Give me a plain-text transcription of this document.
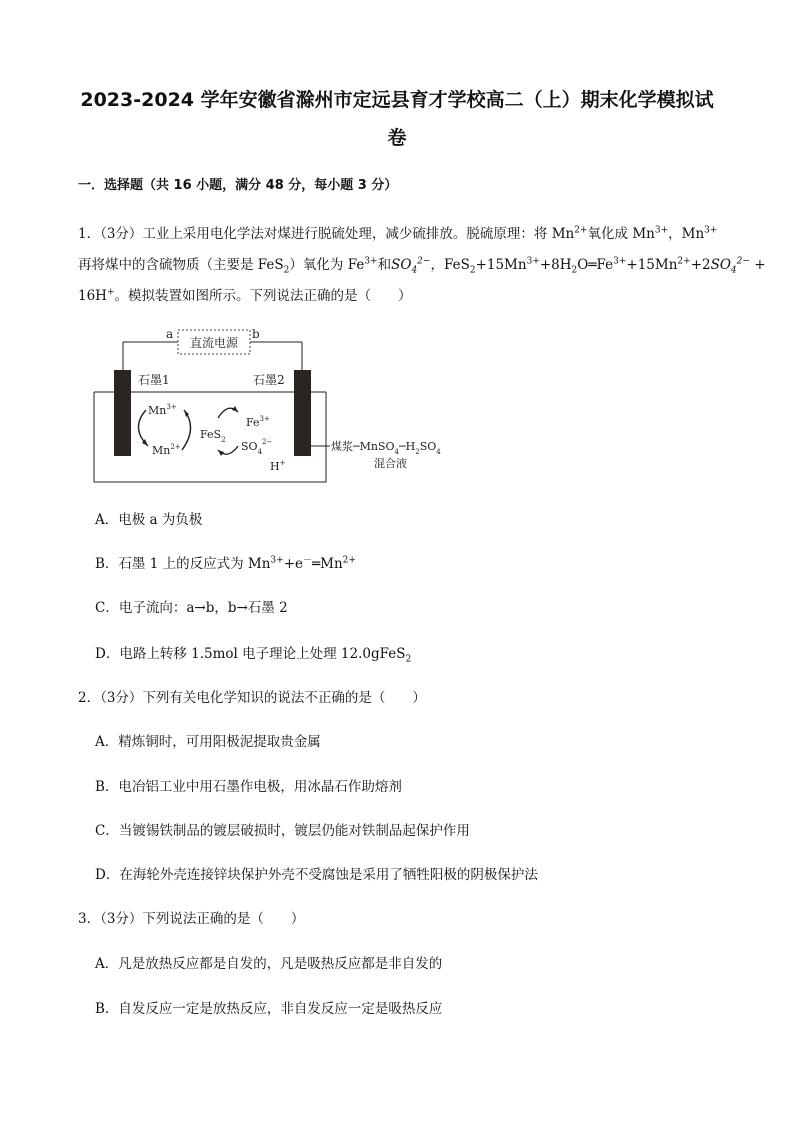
2023-2024 学年安徽省滁州市定远县育才学校高二（上）期末化学模拟试
卷
一．选择题（共 16 小题，满分 48 分，每小题 3 分）
1．（3分）工业上采用电化学法对煤进行脱硫处理，减少硫排放。脱硫原理：将 $Mn^{2+}$氧化成 $Mn^{3+}$，$Mn^{3+}$
再将煤中的含硫物质（主要是 FeS$_2$）氧化为 $Fe^{3+}$和$SO_4^{2-}$，$FeS_2+15Mn^{3+}+8H_2O═Fe^{3+}+15Mn^{2+}+2SO_4^{2-}$ +
16H+。模拟装置如图所示。下列说法正确的是（　　）
直流电源
a	b
石墨1	石墨2
$Mn^{3+}$
$Mn^{2+}$
FeS$_2$
$Fe^{3+}$
$SO_4^{2-}$
H+
煤浆$─MnSO_4─H_2SO_4$
混合液
A．电极 a 为负极
B．石墨 1 上的反应式为 $Mn^{3+}+e^-═Mn^{2+}$
C．电子流向：a→b，b→石墨 2
D．电路上转移 1.5mol 电子理论上处理 12.0gFeS$_2$
2．（3分）下列有关电化学知识的说法不正确的是（　　）
A．精炼铜时，可用阳极泥提取贵金属
B．电冶铝工业中用石墨作电极，用冰晶石作助熔剂
C．当镀锡铁制品的镀层破损时，镀层仍能对铁制品起保护作用
D．在海轮外壳连接锌块保护外壳不受腐蚀是采用了牺牲阳极的阴极保护法
3．（3分）下列说法正确的是（　　）
A．凡是放热反应都是自发的，凡是吸热反应都是非自发的
B．自发反应一定是放热反应，非自发反应一定是吸热反应
